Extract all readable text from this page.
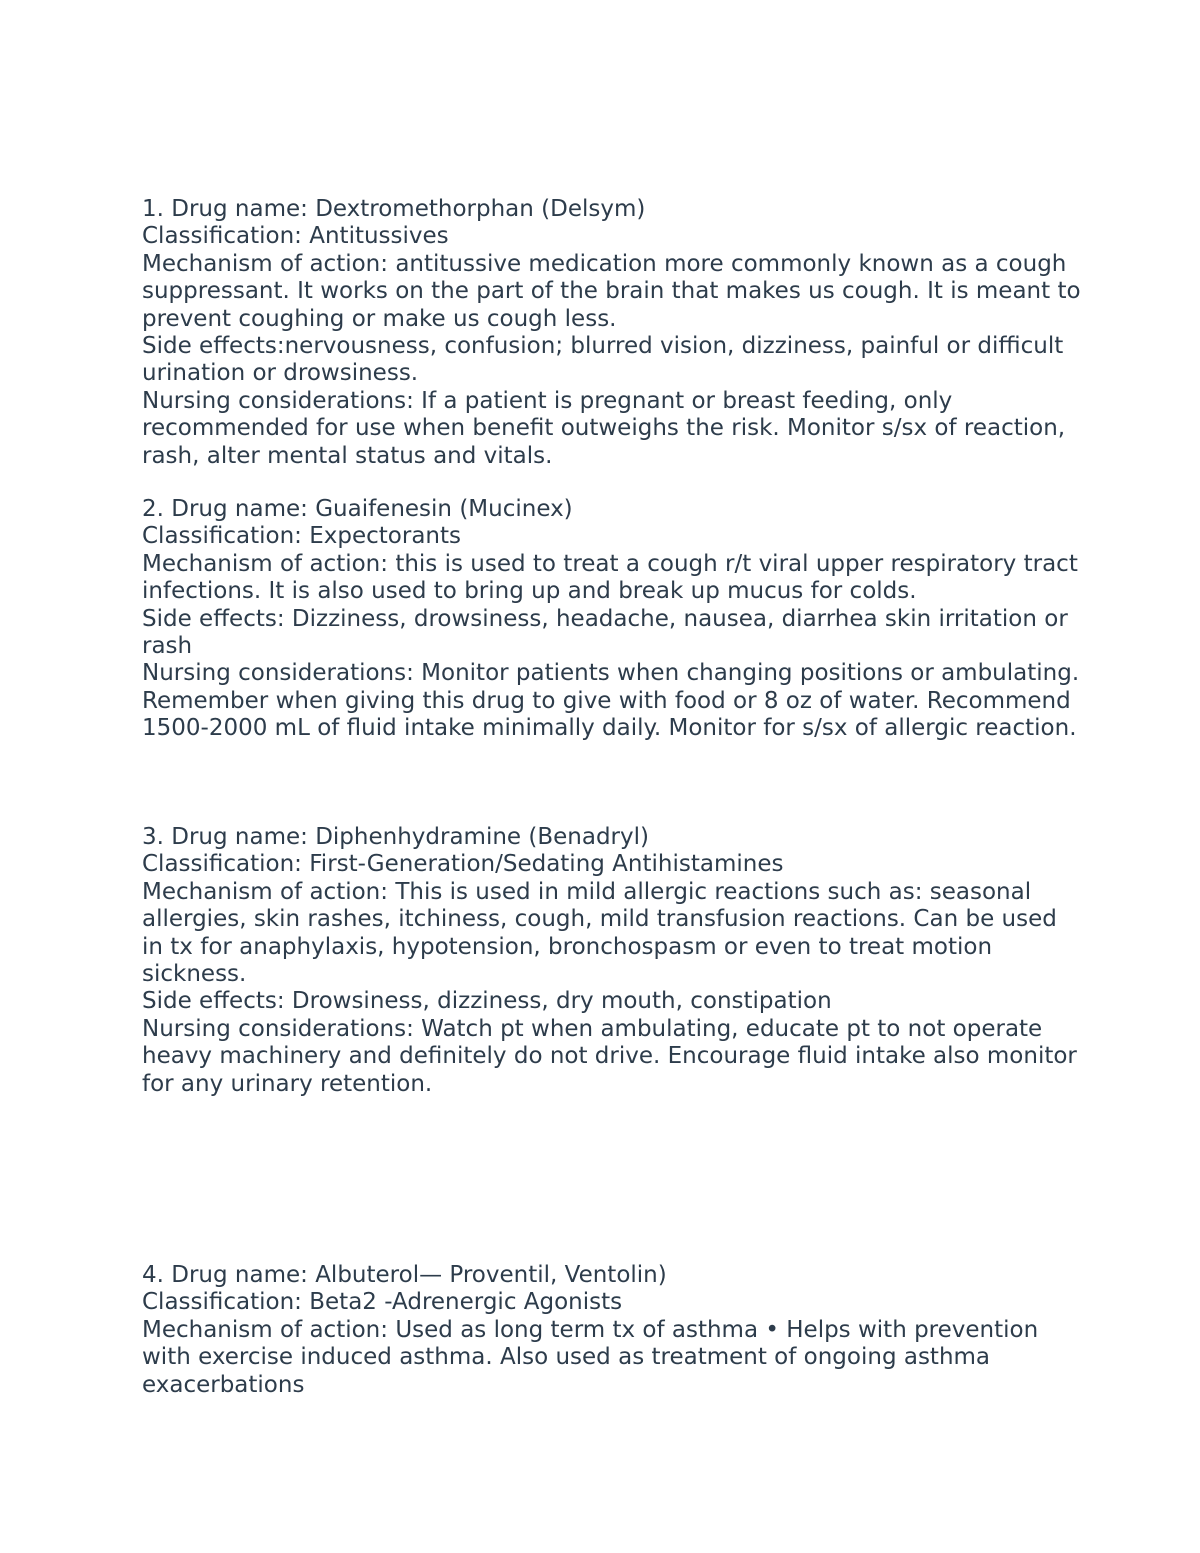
1. Drug name: Dextromethorphan (Delsym)
Classification: Antitussives
Mechanism of action: antitussive medication more commonly known as a cough suppressant. It works on the part of the brain that makes us cough. It is meant to prevent coughing or make us cough less.
Side effects:nervousness, confusion; blurred vision, dizziness, painful or difficult urination or drowsiness.
Nursing considerations: If a patient is pregnant or breast feeding, only recommended for use when benefit outweighs the risk. Monitor s/sx of reaction, rash, alter mental status and vitals.
2. Drug name: Guaifenesin (Mucinex)
Classification: Expectorants
Mechanism of action: this is used to treat a cough r/t viral upper respiratory tract infections. It is also used to bring up and break up mucus for colds.
Side effects: Dizziness, drowsiness, headache, nausea, diarrhea skin irritation or rash
Nursing considerations: Monitor patients when changing positions or ambulating. Remember when giving this drug to give with food or 8 oz of water. Recommend 1500-2000 mL of fluid intake minimally daily. Monitor for s/sx of allergic reaction.
3. Drug name: Diphenhydramine (Benadryl)
Classification: First-Generation/Sedating Antihistamines
Mechanism of action: This is used in mild allergic reactions such as: seasonal allergies, skin rashes, itchiness, cough, mild transfusion reactions. Can be used in tx for anaphylaxis, hypotension, bronchospasm or even to treat motion sickness.
Side effects: Drowsiness, dizziness, dry mouth, constipation
Nursing considerations: Watch pt when ambulating, educate pt to not operate heavy machinery and definitely do not drive. Encourage fluid intake also monitor for any urinary retention.
4. Drug name: Albuterol— Proventil, Ventolin)
Classification: Beta2 -Adrenergic Agonists
Mechanism of action: Used as long term tx of asthma • Helps with prevention with exercise induced asthma. Also used as treatment of ongoing asthma exacerbations
